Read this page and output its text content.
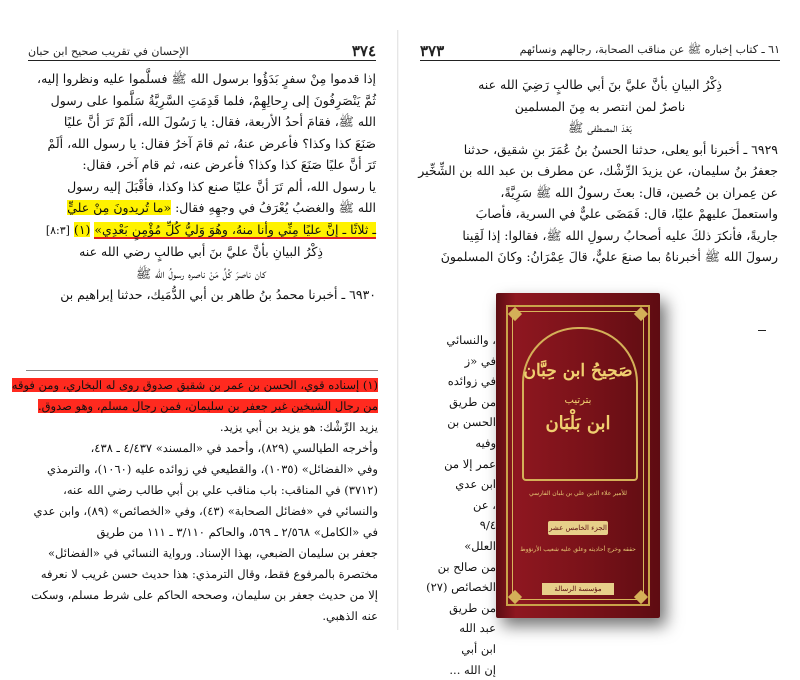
٣٧٤
الإحسان في تقريب صحيح ابن حبان
إذا قدموا مِنْ سفرٍ بَدَؤُوا برسول الله ﷺ فسلَّموا عليه ونظروا إليه،
ثُمَّ يَنْصَرِفُونَ إلى رِحالِهِمْ، فلما قَدِمَتِ السَّرِيَّةُ سَلَّموا على رسول
الله ﷺ، فقامَ أحدُ الأربعة، فقال: يا رَسُولَ الله، ألَمْ تَرَ أنَّ عليًا
صَنَعَ كذا وكذا؟ فأعرض عنهُ، ثم قامَ آخرُ فقال: يا رسول الله، ألَمْ
تَرَ أنَّ عليًا صَنَعَ كذا وكذا؟ فأعرض عنه، ثم قام آخر، فقال:
يا رسول الله، ألم تَرَ أنَّ عليًا صنع كذا وكذا، فأقْبَلَ إليه رسول
الله ﷺ والغضبُ يُعْرَفُ في وجهِهِ فقال: «ما تُريدونَ مِنْ عليٍّ
ـ ثلاثًا ـ إنَّ عليًا مِنِّي وأنا منهُ، وهُوَ وَليُّ كُلِّ مُؤْمِنٍ بَعْدِي» (١) [٨:٣]
ذِكْرُ البيانِ بأنَّ عليَّ بنَ أبي طالبٍ رضي الله عنه
كان ناصرَ كُلِّ مَنْ ناصره رسولُ الله ﷺ
٦٩٣٠ ـ أخبرنا محمدُ بنُ طاهر بن أبي الدُّمَيك، حدثنا إبراهيم بن
(١) إسناده قوي، الحسن بن عمر بن شقيق صدوق روى له البخاري، ومن فوقه
من رجال الشيخين غير جعفر بن سليمان، فمن رجال مسلم، وهو صدوق.
يزيد الرِّشْك: هو يزيد بن أبي يزيد.
وأخرجه الطيالسي (٨٢٩)، وأحمد في «المسند» ٤/٤٣٧ ـ ٤٣٨،
وفي «الفضائل» (١٠٣٥)، والقطيعي في زوائده عليه (١٠٦٠)، والترمذي
(٣٧١٢) في المناقب: باب مناقب علي بن أبي طالب رضي الله عنه،
والنسائي في «فضائل الصحابة» (٤٣)، وفي «الخصائص» (٨٩)، وابن عدي
في «الكامل» ٢/٥٦٨ ـ ٥٦٩، والحاكم ٣/١١٠ ـ ١١١ من طريق
جعفر بن سليمان الضبعي، بهذا الإسناد. ورواية النسائي في «الفضائل»
مختصرة بالمرفوع فقط، وقال الترمذي: هذا حديث حسن غريب لا نعرفه
إلا من حديث جعفر بن سليمان، وصححه الحاكم على شرط مسلم، وسكت
عنه الذهبي.
٦١ ـ كتاب إخباره ﷺ عن مناقب الصحابة، رجالهم ونسائهم
٣٧٣
ذِكْرُ البيانِ بأنَّ عليَّ بنَ أبي طالبٍ رَضِيَ الله عنه
ناصرٌ لمن انتصر به مِنَ المسلمين
بَعْدَ المصطفى ﷺ
٦٩٢٩ ـ أخبرنا أبو يعلى، حدثنا الحسنُ بنُ عُمَرَ بنِ شقيق، حدثنا
جعفرُ بنُ سليمان، عن يزيدَ الرِّشْك، عن مطرف بن عبد الله بن الشِّخِّير
عن عِمران بن حُصين، قال: بعثَ رسولُ الله ﷺ سَرِيَّةً،
واستعملَ عليهمْ عليًا، قال: فَمَضَى عليٌّ في السرية، فأصابَ
جاريةً، فأنكرَ ذلكَ عليه أصحابُ رسولِ الله ﷺ، فقالوا: إذا لَقِينا
رسولَ الله ﷺ أخبرناهُ بما صنعَ عليٌّ، قالَ عِمْرَانُ: وكانَ المسلمونَ
، والنسائي
في «ز
في زوائده
من طريق
الحسن بن
وفيه
عمر إلا من
ابن عدي
، عن
٩/٤
العلل»
من صالح بن
الخصائص (٢٧)
من طريق
عبد الله
ابن أبي
إن الله ...
صَحِيحُ ابن حِبَّان
بترتيب
ابن بَلْبَان
للأمير علاء الدين علي بن بلبان الفارسي
الجزء الخامس عشر
حققه وخرج أحاديثه وعلق عليه شعيب الأرنؤوط
مؤسسة الرسالة
